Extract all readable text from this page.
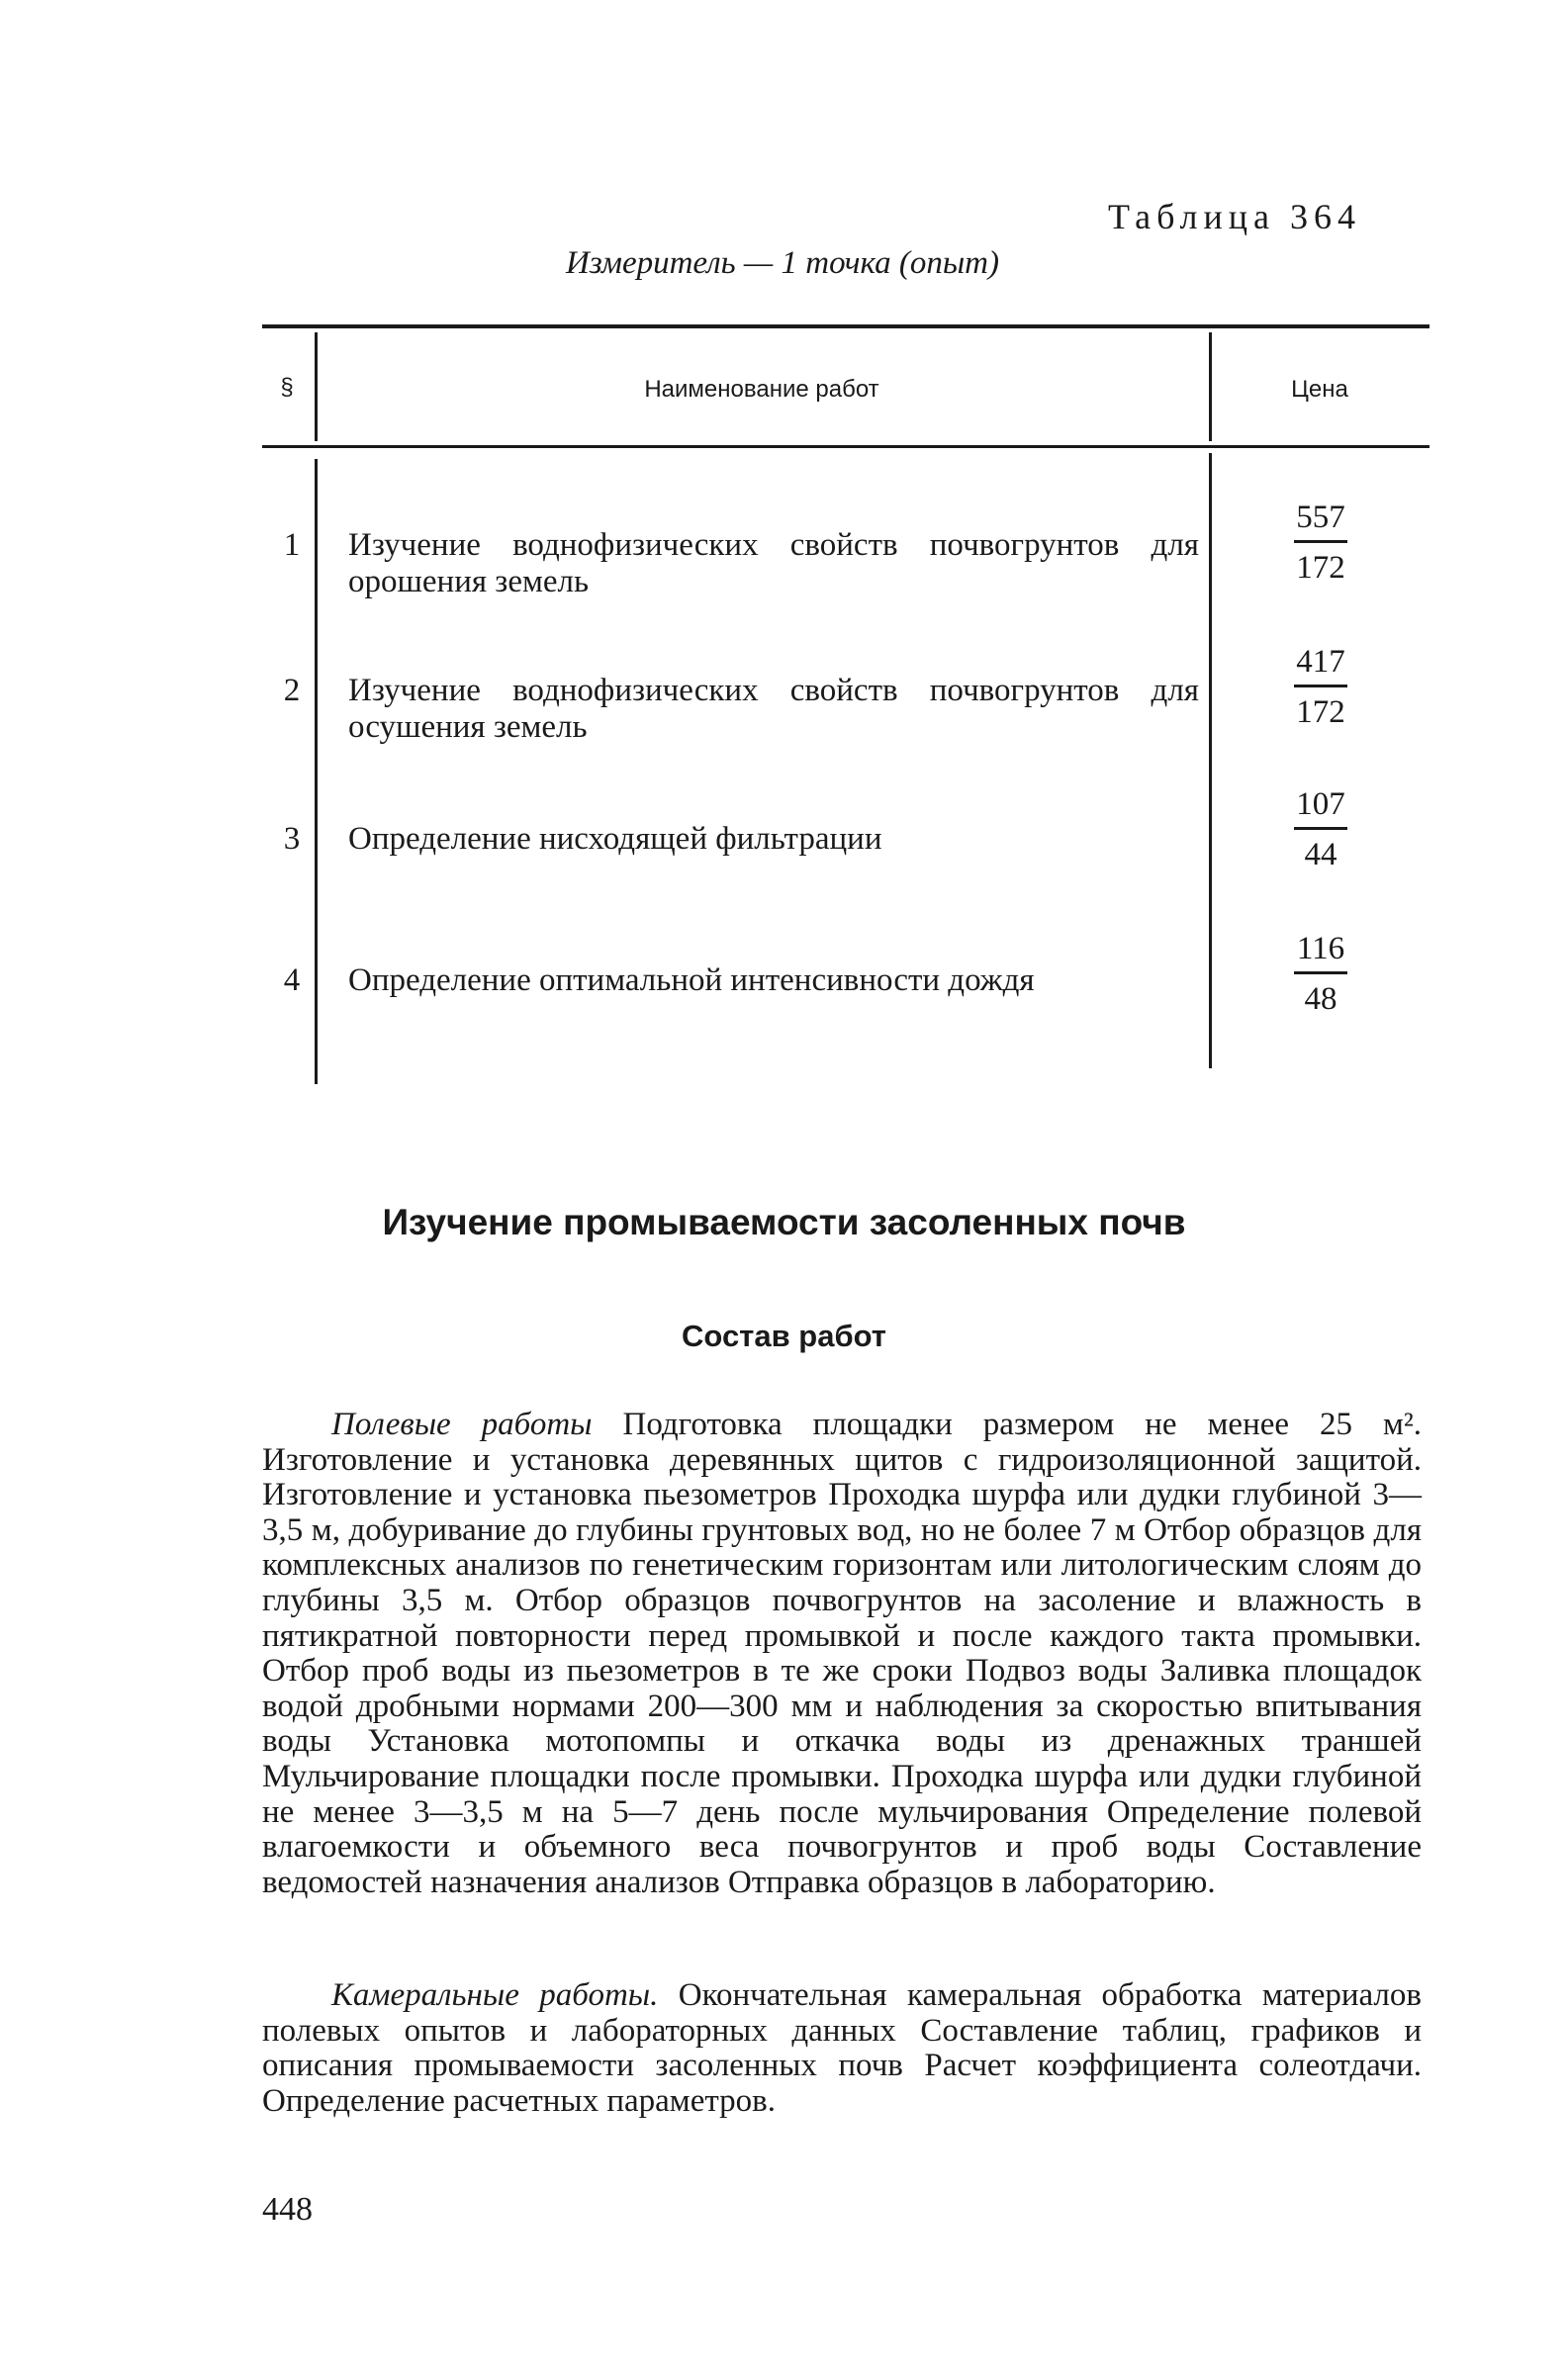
Таблица 364
Измеритель — 1 точка (опыт)
§	Наименование работ	Цена
1 Изучение воднофизических свойств почвогрунтов для орошения земель
557
172
2 Изучение воднофизических свойств почвогрунтов для осушения земель
417
172
3 Определение нисходящей фильтрации
107
44
4 Определение оптимальной интенсивности дождя
116
48
Изучение промываемости засоленных почв
Состав работ

Полевые работы Подготовка площадки размером не менее 25 м². Изготовление и установка деревянных щитов с гидроизоляционной защитой. Изготовление и установка пьезометров Проходка шурфа или дудки глубиной 3—3,5 м, добуривание до глубины грунтовых вод, но не более 7 м Отбор образцов для комплексных анализов по генетическим горизонтам или литологическим слоям до глубины 3,5 м. Отбор образцов почвогрунтов на засоление и влажность в пятикратной повторности перед промывкой и после каждого такта промывки. Отбор проб воды из пьезометров в те же сроки Подвоз воды Заливка площадок водой дробными нормами 200—300 мм и наблюдения за скоростью впитывания воды Установка мотопомпы и откачка воды из дренажных траншей Мульчирование площадки после промывки. Проходка шурфа или дудки глубиной не менее 3—3,5 м на 5—7 день после мульчирования Определение полевой влагоемкости и объемного веса почвогрунтов и проб воды Составление ведомостей назначения анализов Отправка образцов в лабораторию.

Камеральные работы. Окончательная камеральная обработка материалов полевых опытов и лабораторных данных Составление таблиц, графиков и описания промываемости засоленных почв Расчет коэффициента солеотдачи. Определение расчетных параметров.

448
